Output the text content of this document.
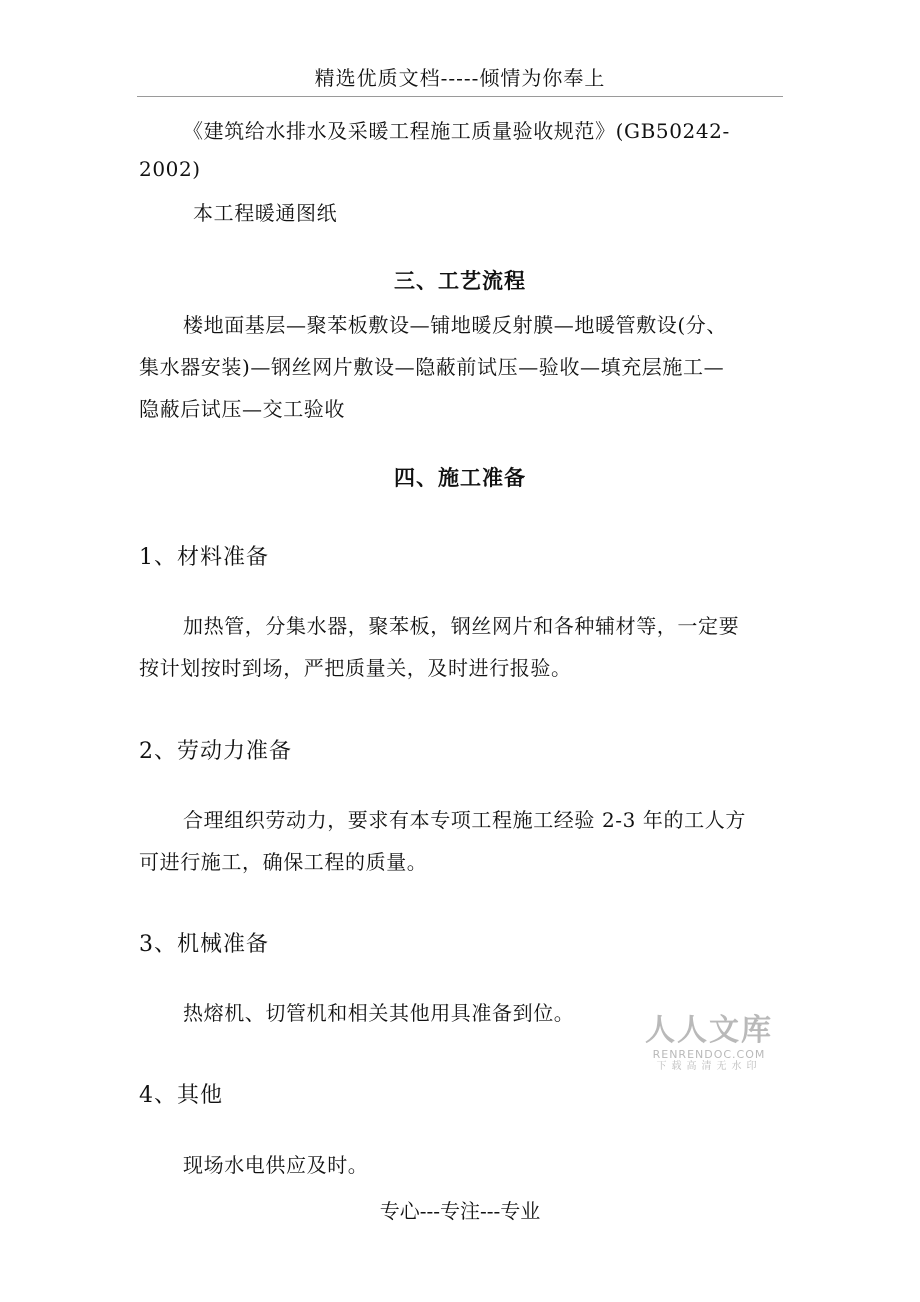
精选优质文档-----倾情为你奉上
《建筑给水排水及采暖工程施工质量验收规范》(GB50242-
2002)
本工程暖通图纸
三、工艺流程
楼地面基层—聚苯板敷设—铺地暖反射膜—地暖管敷设(分、
集水器安装)—钢丝网片敷设—隐蔽前试压—验收—填充层施工—
隐蔽后试压—交工验收
四、施工准备
1、材料准备
加热管，分集水器，聚苯板，钢丝网片和各种辅材等，一定要
按计划按时到场，严把质量关，及时进行报验。
2、劳动力准备
合理组织劳动力，要求有本专项工程施工经验 2-3 年的工人方
可进行施工，确保工程的质量。
3、机械准备
热熔机、切管机和相关其他用具准备到位。 人人文库
RENRENDOC.COM
下载高清无水印
4、其他
现场水电供应及时。
专心---专注---专业
